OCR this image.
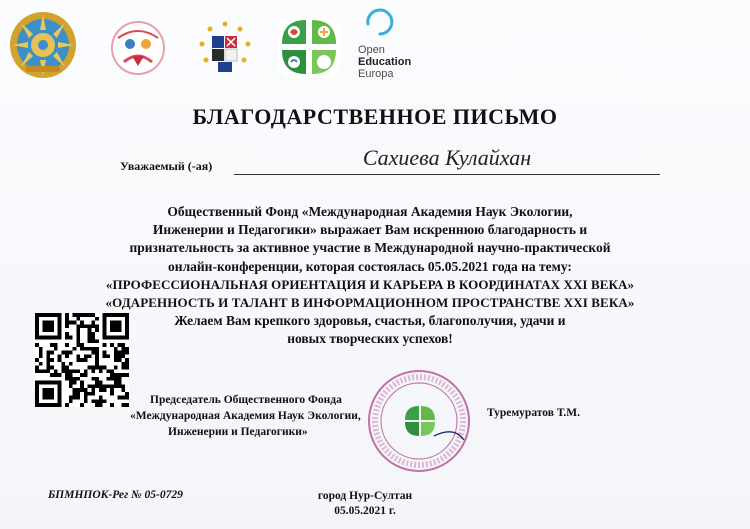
Open
Education
Europa
БЛАГОДАРСТВЕННОЕ ПИСЬМО
Уважаемый (-ая)	Сахиева Кулайхан
Общественный Фонд «Международная Академия Наук Экологии,
Инженерии и Педагогики» выражает Вам искреннюю благодарность и
признательность за активное участие в Международной научно-практической
онлайн-конференции, которая состоялась 05.05.2021 года на тему:
«ПРОФЕССИОНАЛЬНАЯ ОРИЕНТАЦИЯ И КАРЬЕРА В КООРДИНАТАХ XXI ВЕКА»
«ОДАРЕННОСТЬ И ТАЛАНТ В ИНФОРМАЦИОННОМ ПРОСТРАНСТВЕ XXI ВЕКА»
Желаем Вам крепкого здоровья, счастья, благополучия, удачи и
новых творческих успехов!
Председатель Общественного Фонда
«Международная Академия Наук Экологии,
Инженерии и Педагогики»
Туремуратов Т.М.
БПМНПОК-Рег № 05-0729	город Нур-Султан
05.05.2021 г.
